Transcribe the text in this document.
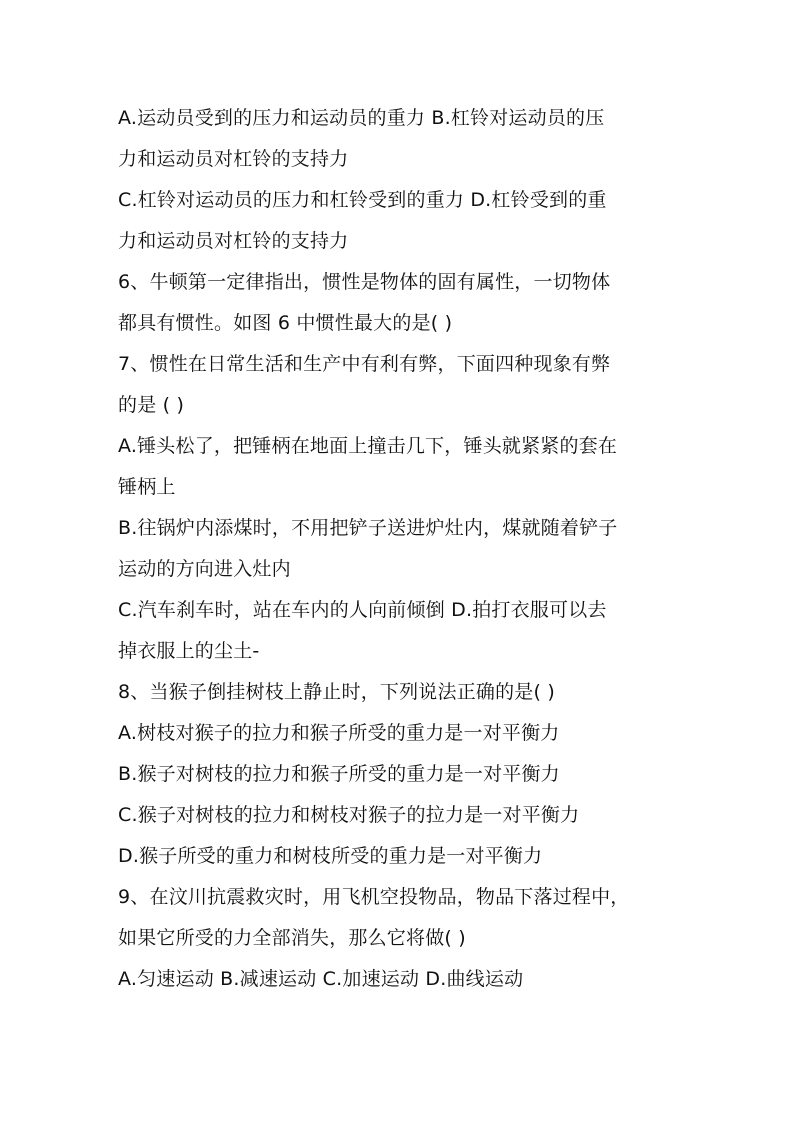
A.运动员受到的压力和运动员的重力 B.杠铃对运动员的压
力和运动员对杠铃的支持力
C.杠铃对运动员的压力和杠铃受到的重力 D.杠铃受到的重
力和运动员对杠铃的支持力
6、牛顿第一定律指出，惯性是物体的固有属性，一切物体
都具有惯性。如图 6 中惯性最大的是( )
7、惯性在日常生活和生产中有利有弊，下面四种现象有弊
的是 ( )
A.锤头松了，把锤柄在地面上撞击几下，锤头就紧紧的套在
锤柄上
B.往锅炉内添煤时，不用把铲子送进炉灶内，煤就随着铲子
运动的方向进入灶内
C.汽车刹车时，站在车内的人向前倾倒 D.拍打衣服可以去
掉衣服上的尘土-
8、当猴子倒挂树枝上静止时，下列说法正确的是( )
A.树枝对猴子的拉力和猴子所受的重力是一对平衡力
B.猴子对树枝的拉力和猴子所受的重力是一对平衡力
C.猴子对树枝的拉力和树枝对猴子的拉力是一对平衡力
D.猴子所受的重力和树枝所受的重力是一对平衡力
9、在汶川抗震救灾时，用飞机空投物品，物品下落过程中，
如果它所受的力全部消失，那么它将做( )
A.匀速运动 B.减速运动 C.加速运动 D.曲线运动
